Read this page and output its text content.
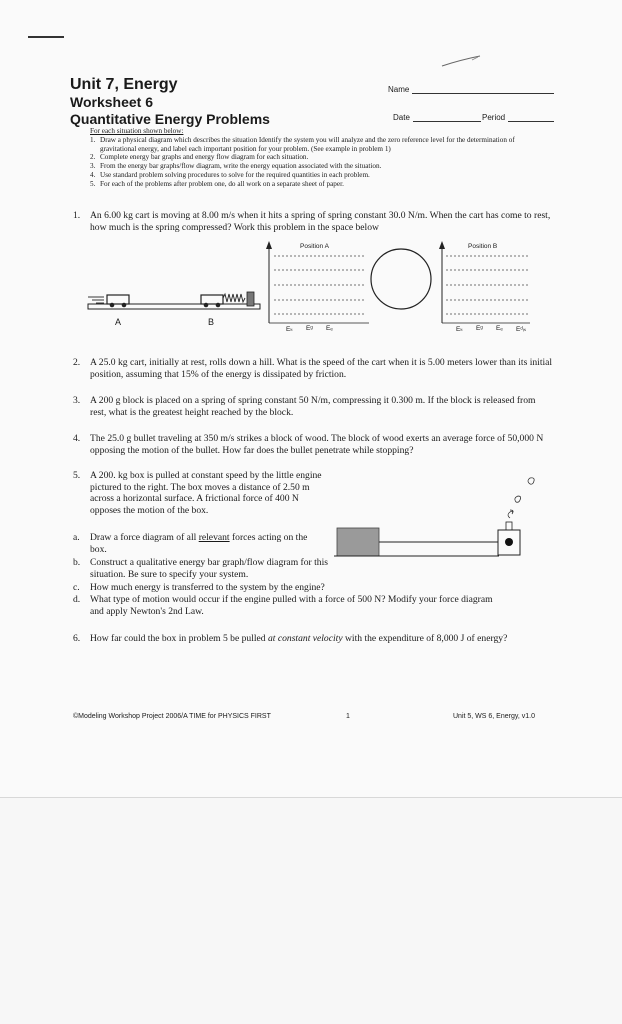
Unit 7, Energy
Worksheet 6
Quantitative Energy Problems
Name
Date	Period
For each situation shown below:
1. Draw a physical diagram which describes the situation Identify the system you will analyze and the zero reference level for the determination of gravitational energy, and label each important position for your problem. (See example in problem 1)
2. Complete energy bar graphs and energy flow diagram for each situation.
3. From the energy bar graphs/flow diagram, write the energy equation associated with the situation.
4. Use standard problem solving procedures to solve for the required quantities in each problem.
5. For each of the problems after problem one, do all work on a separate sheet of paper.
1. An 6.00 kg cart is moving at 8.00 m/s when it hits a spring of spring constant 30.0 N/m. When the cart has come to rest, how much is the spring compressed? Work this problem in the space below
Position A	Position B
A	B
Eₖ Eᵍ Eₑ	Eₖ Eᵍ Eₑ Eᵈᵢₛ
2. A 25.0 kg cart, initially at rest, rolls down a hill. What is the speed of the cart when it is 5.00 meters lower than its initial position, assuming that 15% of the energy is dissipated by friction.
3. A 200 g block is placed on a spring of spring constant 50 N/m, compressing it 0.300 m. If the block is released from rest, what is the greatest height reached by the block.
4. The 25.0 g bullet traveling at 350 m/s strikes a block of wood. The block of wood exerts an average force of 50,000 N opposing the motion of the bullet. How far does the bullet penetrate while stopping?
5. A 200. kg box is pulled at constant speed by the little engine pictured to the right. The box moves a distance of 2.50 m across a horizontal surface. A frictional force of 400 N opposes the motion of the box.
a. Draw a force diagram of all relevant forces acting on the box.
b. Construct a qualitative energy bar graph/flow diagram for this situation. Be sure to specify your system.
c. How much energy is transferred to the system by the engine?
d. What type of motion would occur if the engine pulled with a force of 500 N? Modify your force diagram and apply Newton's 2nd Law.
6. How far could the box in problem 5 be pulled at constant velocity with the expenditure of 8,000 J of energy?
©Modeling Workshop Project 2006/A TIME for PHYSICS FIRST	1	Unit 5, WS 6, Energy, v1.0
